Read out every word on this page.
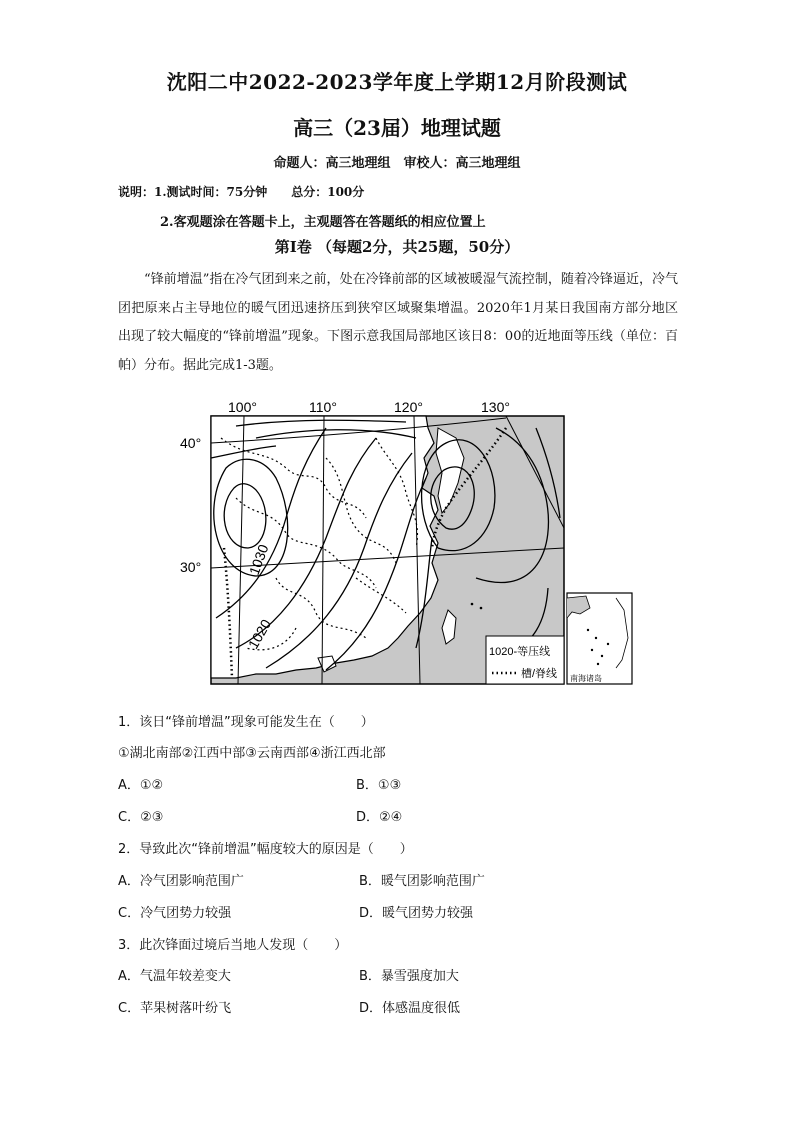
沈阳二中2022-2023学年度上学期12月阶段测试
高三（23届）地理试题
命题人：高三地理组　审校人：高三地理组
说明：1.测试时间：75分钟　　总分：100分
2.客观题涂在答题卡上，主观题答在答题纸的相应位置上
第Ⅰ卷 （每题2分，共25题，50分）
“锋前增温”指在冷气团到来之前，处在冷锋前部的区域被暖湿气流控制，随着冷锋逼近，冷气团把原来占主导地位的暖气团迅速挤压到狭窄区域聚集增温。2020年1月某日我国南方部分地区出现了较大幅度的“锋前增温”现象。下图示意我国局部地区该日8：00的近地面等压线（单位：百帕）分布。据此完成1-3题。
1030
1020
100°	110°	120°	130°
40°
30°
1020-等压线
槽/脊线 南海诸岛
1．该日“锋前增温”现象可能发生在（　　）
①湖北南部②江西中部③云南西部④浙江西北部
A．①②	B．①③
C．②③	D．②④
2．导致此次“锋前增温”幅度较大的原因是（　　）
A．冷气团影响范围广	B．暖气团影响范围广
C．冷气团势力较强	D．暖气团势力较强
3．此次锋面过境后当地人发现（　　）
A．气温年较差变大	B．暴雪强度加大
C．苹果树落叶纷飞	D．体感温度很低
